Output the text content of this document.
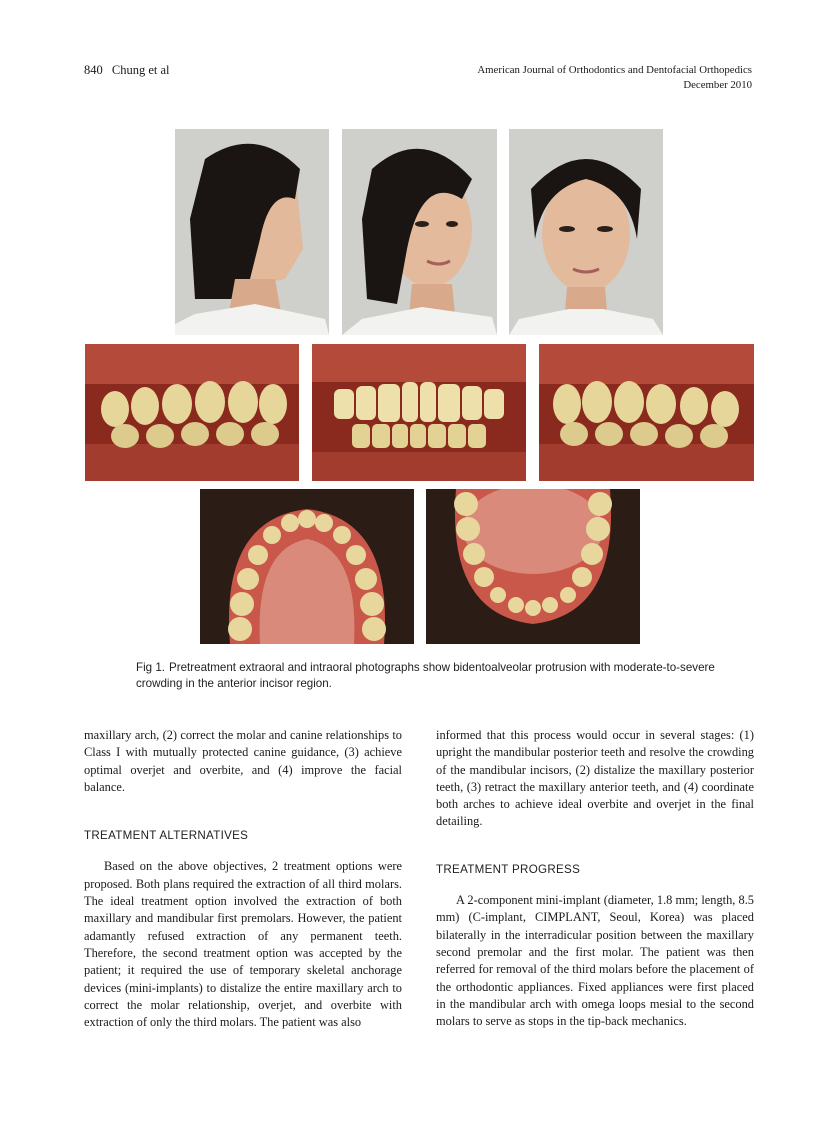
840 Chung et al	American Journal of Orthodontics and Dentofacial Orthopedics
December 2010
Fig 1. Pretreatment extraoral and intraoral photographs show bidentoalveolar protrusion with moderate-to-severe crowding in the anterior incisor region.

maxillary arch, (2) correct the molar and canine relationships to Class I with mutually protected canine guidance, (3) achieve optimal overjet and overbite, and (4) improve the facial balance.

TREATMENT ALTERNATIVES

Based on the above objectives, 2 treatment options were proposed. Both plans required the extraction of all third molars. The ideal treatment option involved the extraction of both maxillary and mandibular first premolars. However, the patient adamantly refused extraction of any permanent teeth. Therefore, the second treatment option was accepted by the patient; it required the use of temporary skeletal anchorage devices (mini-implants) to distalize the entire maxillary arch to correct the molar relationship, overjet, and overbite with extraction of only the third molars. The patient was also

informed that this process would occur in several stages: (1) upright the mandibular posterior teeth and resolve the crowding of the mandibular incisors, (2) distalize the maxillary posterior teeth, (3) retract the maxillary anterior teeth, and (4) coordinate both arches to achieve ideal overbite and overjet in the final detailing.

TREATMENT PROGRESS

A 2-component mini-implant (diameter, 1.8 mm; length, 8.5 mm) (C-implant, CIMPLANT, Seoul, Korea) was placed bilaterally in the interradicular position between the maxillary second premolar and the first molar. The patient was then referred for removal of the third molars before the placement of the orthodontic appliances. Fixed appliances were first placed in the mandibular arch with omega loops mesial to the second molars to serve as stops in the tip-back mechanics.
